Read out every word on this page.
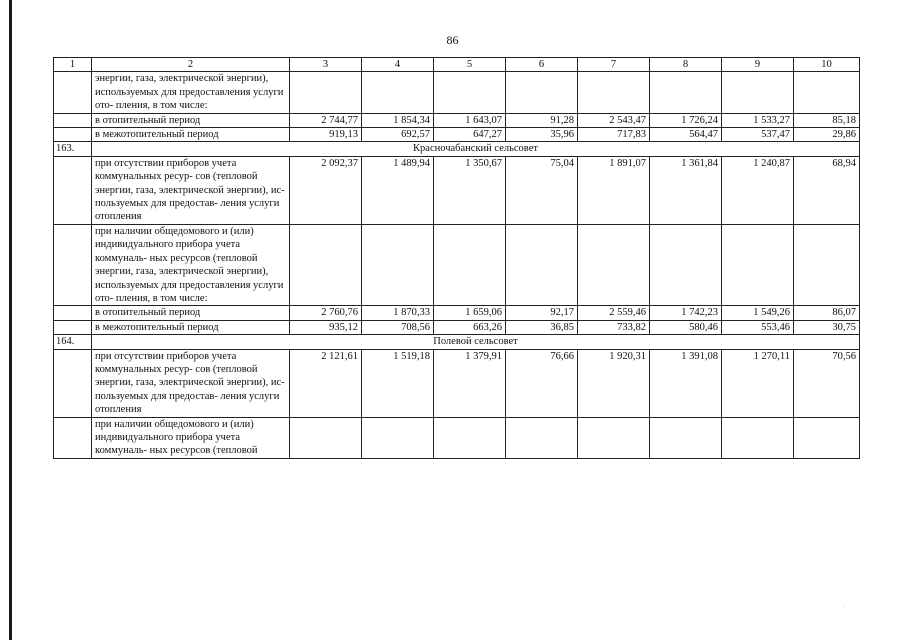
86
1	2	3	4	5	6	7	8	9	10
	энергии, газа, электрической энергии), используемых для предоставления услуги ото- пления, в том числе:								
	в отопительный период	2 744,77	1 854,34	1 643,07	91,28	2 543,47	1 726,24	1 533,27	85,18
	в межотопительный период	919,13	692,57	647,27	35,96	717,83	564,47	537,47	29,86
163.	Красночабанский сельсовет								
	при отсутствии приборов учета коммунальных ресур- сов (тепловой энергии, газа, электрической энергии), ис- пользуемых для предостав- ления услуги отопления	2 092,37	1 489,94	1 350,67	75,04	1 891,07	1 361,84	1 240,87	68,94
	при наличии общедомового и (или) индивидуального прибора учета коммуналь- ных ресурсов (тепловой энергии, газа, электрической энергии), используемых для предоставления услуги ото- пления, в том числе:								
	в отопительный период	2 760,76	1 870,33	1 659,06	92,17	2 559,46	1 742,23	1 549,26	86,07
	в межотопительный период	935,12	708,56	663,26	36,85	733,82	580,46	553,46	30,75
164.	Полевой сельсовет								
	при отсутствии приборов учета коммунальных ресур- сов (тепловой энергии, газа, электрической энергии), ис- пользуемых для предостав- ления услуги отопления	2 121,61	1 519,18	1 379,91	76,66	1 920,31	1 391,08	1 270,11	70,56
	при наличии общедомового и (или) индивидуального прибора учета коммуналь- ных ресурсов (тепловой								
·
